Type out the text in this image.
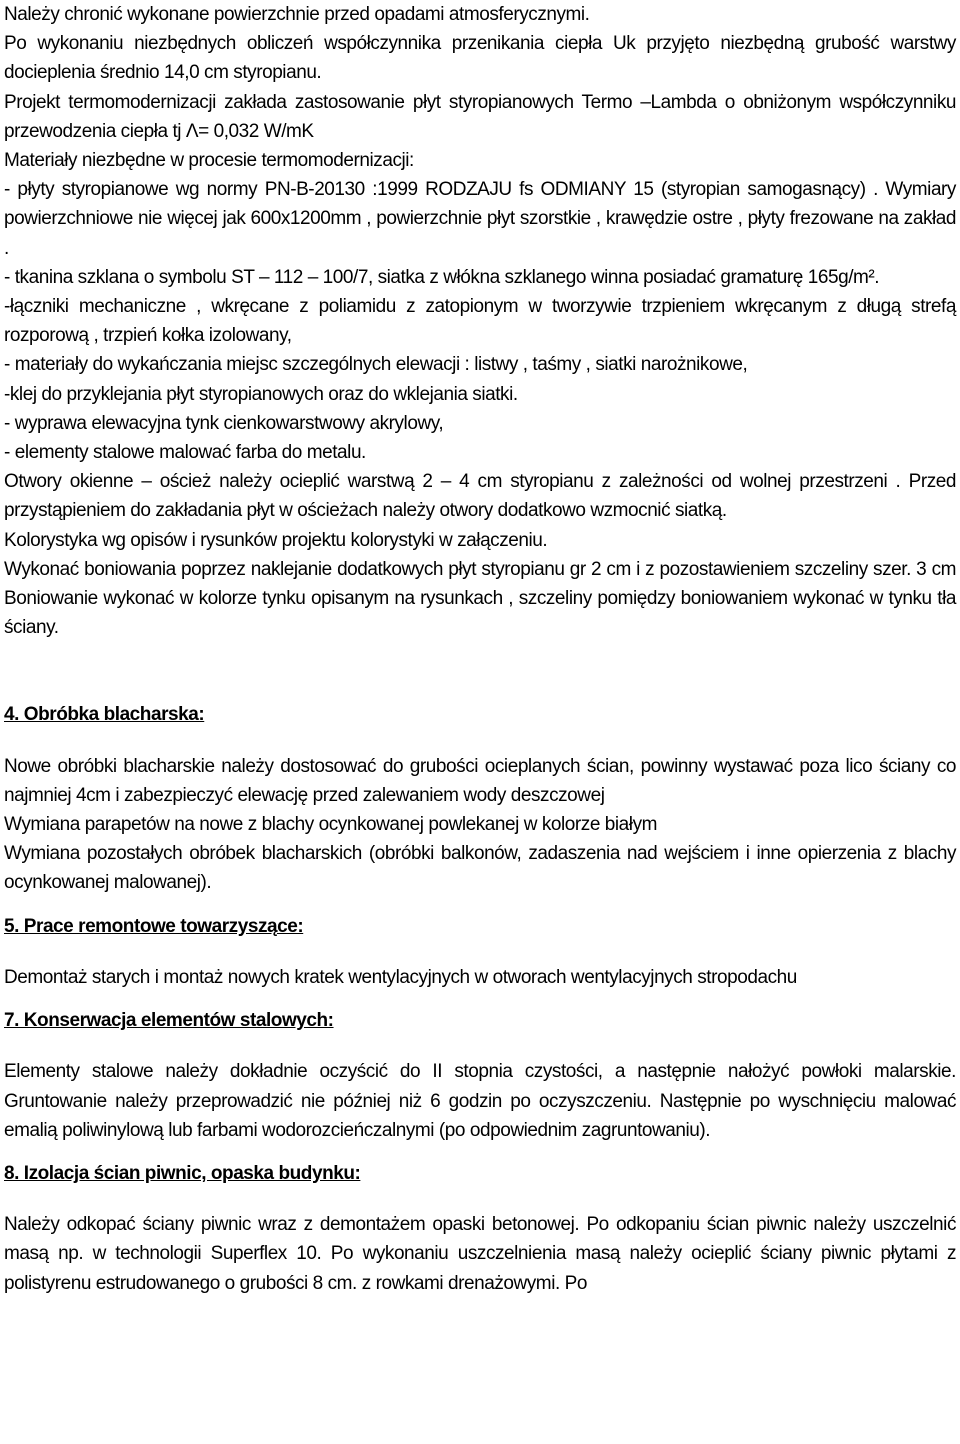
Należy chronić wykonane powierzchnie przed opadami atmosferycznymi.

Po wykonaniu niezbędnych obliczeń współczynnika przenikania ciepła Uk przyjęto niezbędną grubość warstwy docieplenia średnio 14,0 cm styropianu.

Projekt termomodernizacji zakłada zastosowanie płyt styropianowych Termo –Lambda o obniżonym współczynniku przewodzenia ciepła tj Λ= 0,032 W/mK

Materiały niezbędne w procesie termomodernizacji:

- płyty styropianowe wg normy PN-B-20130 :1999 RODZAJU fs ODMIANY 15 (styropian samogasnący) . Wymiary powierzchniowe nie więcej jak 600x1200mm , powierzchnie płyt szorstkie , krawędzie ostre , płyty frezowane na zakład .

- tkanina szklana o symbolu ST – 112 – 100/7, siatka z włókna szklanego winna posiadać gramaturę 165g/m².

-łączniki mechaniczne , wkręcane z poliamidu z zatopionym w tworzywie trzpieniem wkręcanym z długą strefą rozporową , trzpień kołka izolowany,

- materiały do wykańczania miejsc szczególnych elewacji : listwy , taśmy , siatki narożnikowe,

-klej do przyklejania płyt styropianowych oraz do wklejania siatki.

- wyprawa elewacyjna tynk cienkowarstwowy akrylowy,

- elementy stalowe malować farba do metalu.

Otwory okienne – oścież należy ocieplić warstwą 2 – 4 cm styropianu z zależności od wolnej przestrzeni . Przed przystąpieniem do zakładania płyt w ościeżach należy otwory dodatkowo wzmocnić siatką.

Kolorystyka wg opisów i rysunków projektu kolorystyki w załączeniu.

Wykonać boniowania poprzez naklejanie dodatkowych płyt styropianu gr 2 cm i z pozostawieniem szczeliny szer. 3 cm Boniowanie wykonać w kolorze tynku opisanym na rysunkach , szczeliny pomiędzy boniowaniem wykonać w tynku tła ściany.

4. Obróbka blacharska:

Nowe obróbki blacharskie należy dostosować do grubości ocieplanych ścian, powinny wystawać poza lico ściany co najmniej 4cm i zabezpieczyć elewację przed zalewaniem wody deszczowej

Wymiana parapetów na nowe z blachy ocynkowanej powlekanej w kolorze białym

Wymiana pozostałych obróbek blacharskich (obróbki balkonów, zadaszenia nad wejściem i inne opierzenia z blachy ocynkowanej malowanej).

5. Prace remontowe towarzyszące:

Demontaż starych i montaż nowych kratek wentylacyjnych w otworach wentylacyjnych stropodachu

7. Konserwacja elementów stalowych:

Elementy stalowe należy dokładnie oczyścić do II stopnia czystości, a następnie nałożyć powłoki malarskie. Gruntowanie należy przeprowadzić nie później niż 6 godzin po oczyszczeniu. Następnie po wyschnięciu malować emalią poliwinylową lub farbami wodorozcieńczalnymi (po odpowiednim zagruntowaniu).

8. Izolacja ścian piwnic, opaska budynku:

Należy odkopać ściany piwnic wraz z demontażem opaski betonowej. Po odkopaniu ścian piwnic należy uszczelnić masą np. w technologii Superflex 10. Po wykonaniu uszczelnienia masą należy ocieplić ściany piwnic płytami z polistyrenu estrudowanego o grubości 8 cm. z rowkami drenażowymi. Po
